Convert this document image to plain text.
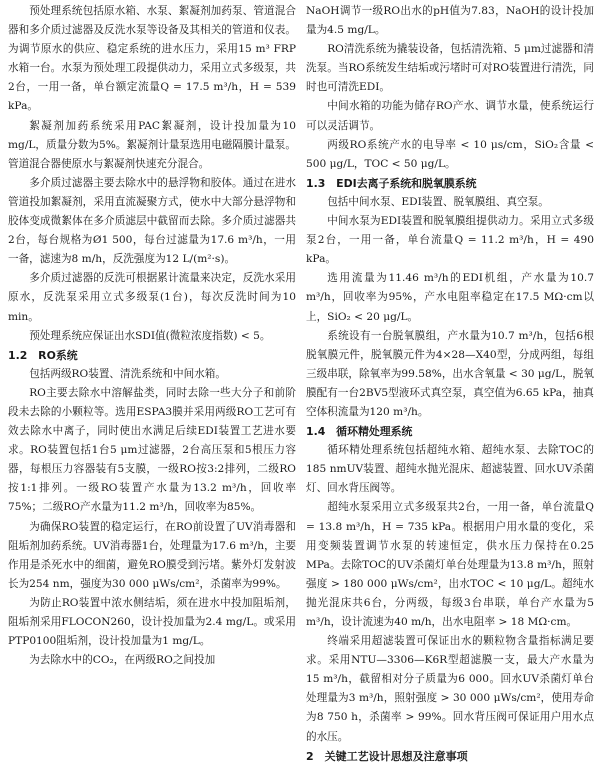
预处理系统包括原水箱、水泵、絮凝剂加药泵、管道混合器和多介质过滤器及反洗水泵等设备及其相关的管道和仪表。为调节原水的供应、稳定系统的进水压力，采用15 m³ FRP水箱一台。水泵为预处理工段提供动力，采用立式多级泵，共2台，一用一备，单台额定流量Q = 17.5 m³/h，H = 539 kPa。

絮凝剂加药系统采用PAC絮凝剂，设计投加量为10 mg/L，质量分数为5%。絮凝剂计量泵选用电磁隔膜计量泵。管道混合器使原水与絮凝剂快速充分混合。

多介质过滤器主要去除水中的悬浮物和胶体。通过在进水管道投加絮凝剂，采用直流凝聚方式，使水中大部分悬浮物和胶体变成微絮体在多介质滤层中截留而去除。多介质过滤器共2台，每台规格为Ø1 500，每台过滤量为17.6 m³/h，一用一备，滤速为8 m/h，反洗强度为12 L/(m²·s)。

多介质过滤器的反洗可根据累计流量来决定，反洗水采用原水，反洗泵采用立式多级泵(1台)，每次反洗时间为10 min。

预处理系统应保证出水SDI值(微粒浓度指数) < 5。

1.2　RO系统

包括两级RO装置、清洗系统和中间水箱。

RO主要去除水中溶解盐类，同时去除一些大分子和前阶段未去除的小颗粒等。选用ESPA3膜并采用两级RO工艺可有效去除水中离子，同时使出水满足后续EDI装置工艺进水要求。RO装置包括1台5 μm过滤器，2台高压泵和5根压力容器，每根压力容器装有5支膜，一级RO按3:2排列，二级RO按1:1排列。一级RO装置产水量为13.2 m³/h，回收率75%；二级RO产水量为11.2 m³/h，回收率为85%。

为确保RO装置的稳定运行，在RO前设置了UV消毒器和阻垢剂加药系统。UV消毒器1台，处理量为17.6 m³/h，主要作用是杀死水中的细菌，避免RO膜受到污堵。紫外灯发射波长为254 nm，强度为30 000 μWs/cm²，杀菌率为99%。

为防止RO装置中浓水侧结垢，须在进水中投加阻垢剂，阻垢剂采用FLOCON260，设计投加量为2.4 mg/L。或采用PTP0100阻垢剂，设计投加量为1 mg/L。

为去除水中的CO₂，在两级RO之间投加

NaOH调节一级RO出水的pH值为7.83，NaOH的设计投加量为4.5 mg/L。

RO清洗系统为撬装设备，包括清洗箱、5 μm过滤器和清洗泵。当RO系统发生结垢或污堵时可对RO装置进行清洗，同时也可清洗EDI。

中间水箱的功能为储存RO产水、调节水量，使系统运行可以灵活调节。

两级RO系统产水的电导率 < 10 μs/cm，SiO₂含量 < 500 μg/L，TOC < 50 μg/L。

1.3　EDI去离子系统和脱氧膜系统

包括中间水泵、EDI装置、脱氧膜组、真空泵。

中间水泵为EDI装置和脱氧膜组提供动力。采用立式多级泵2台，一用一备，单台流量Q = 11.2 m³/h，H = 490 kPa。

选用流量为11.46 m³/h的EDI机组，产水量为10.7 m³/h，回收率为95%，产水电阻率稳定在17.5 MΩ·cm以上，SiO₂ < 20 μg/L。

系统设有一台脱氧膜组，产水量为10.7 m³/h，包括6根脱氧膜元件，脱氧膜元件为4×28—X40型，分成两组，每组三级串联，除氧率为99.58%，出水含氧量 < 30 μg/L，脱氧膜配有一台2BV5型液环式真空泵，真空值为6.65 kPa，抽真空体积流量为120 m³/h。

1.4　循环精处理系统

循环精处理系统包括超纯水箱、超纯水泵、去除TOC的185 nmUV装置、超纯水抛光混床、超滤装置、回水UV杀菌灯、回水背压阀等。

超纯水泵采用立式多级泵共2台，一用一备，单台流量Q = 13.8 m³/h，H = 735 kPa。根据用户用水量的变化，采用变频装置调节水泵的转速恒定，供水压力保持在0.25 MPa。去除TOC的UV杀菌灯单台处理量为13.8 m³/h，照射强度 > 180 000 μWs/cm²，出水TOC < 10 μg/L。超纯水抛光混床共6台，分两级，每级3台串联，单台产水量为5 m³/h，设计流速为40 m/h，出水电阻率 > 18 MΩ·cm。

终端采用超滤装置可保证出水的颗粒物含量指标满足要求。采用NTU—3306—K6R型超滤膜一支，最大产水量为15 m³/h，截留相对分子质量为6 000。回水UV杀菌灯单台处理量为3 m³/h，照射强度 > 30 000 μWs/cm²，使用寿命为8 750 h，杀菌率 > 99%。回水背压阀可保证用户用水点的水压。

2　关键工艺设计思想及注意事项
